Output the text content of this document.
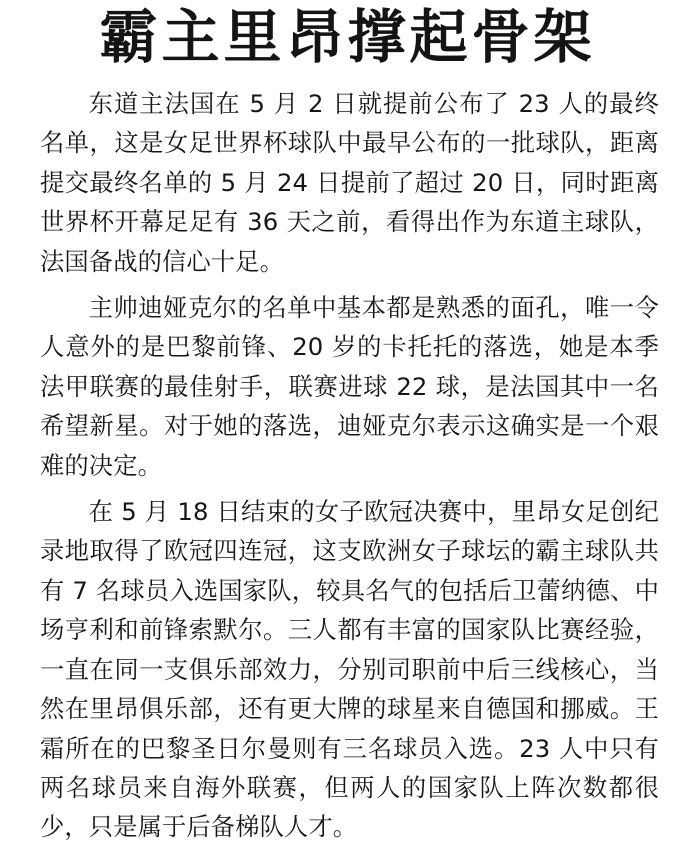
霸主里昂撑起骨架

东道主法国在 5 月 2 日就提前公布了 23 人的最终名单，这是女足世界杯球队中最早公布的一批球队，距离提交最终名单的 5 月 24 日提前了超过 20 日，同时距离世界杯开幕足足有 36 天之前，看得出作为东道主球队，法国备战的信心十足。

主帅迪娅克尔的名单中基本都是熟悉的面孔，唯一令人意外的是巴黎前锋、20 岁的卡托托的落选，她是本季法甲联赛的最佳射手，联赛进球 22 球，是法国其中一名希望新星。对于她的落选，迪娅克尔表示这确实是一个艰难的决定。

在 5 月 18 日结束的女子欧冠决赛中，里昂女足创纪录地取得了欧冠四连冠，这支欧洲女子球坛的霸主球队共有 7 名球员入选国家队，较具名气的包括后卫蕾纳德、中场亨利和前锋索默尔。三人都有丰富的国家队比赛经验，一直在同一支俱乐部效力，分别司职前中后三线核心，当然在里昂俱乐部，还有更大牌的球星来自德国和挪威。王霜所在的巴黎圣日尔曼则有三名球员入选。23 人中只有两名球员来自海外联赛，但两人的国家队上阵次数都很少，只是属于后备梯队人才。
